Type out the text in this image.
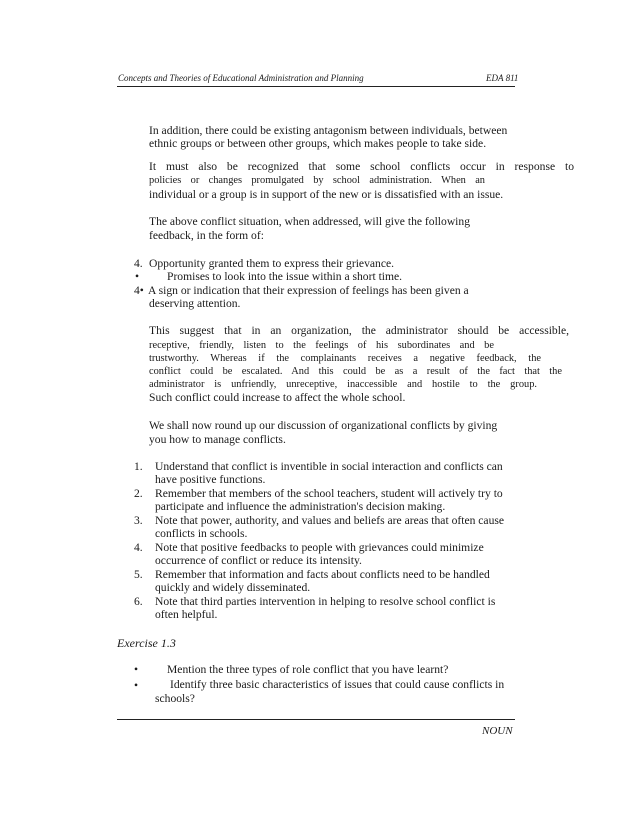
Concepts and Theories of Educational Administration and Planning	EDA 811
In addition, there could be existing antagonism between individuals, between
ethnic groups or between other groups, which makes people to take side.
It must also be recognized that some school conflicts occur in response to
policies or changes promulgated by school administration. When an
individual or a group is in support of the new or is dissatisfied with an issue.
The above conflict situation, when addressed, will give the following
feedback, in the form of:
4. Opportunity granted them to express their grievance.
• Promises to look into the issue within a short time.
4• A sign or indication that their expression of feelings has been given a
deserving attention.
This suggest that in an organization, the administrator should be accessible,
receptive, friendly, listen to the feelings of his subordinates and be
trustworthy. Whereas if the complainants receives a negative feedback, the
conflict could be escalated. And this could be as a result of the fact that the
administrator is unfriendly, unreceptive, inaccessible and hostile to the group.
Such conflict could increase to affect the whole school.
We shall now round up our discussion of organizational conflicts by giving
you how to manage conflicts.
1. Understand that conflict is inventible in social interaction and conflicts can
have positive functions.
2. Remember that members of the school teachers, student will actively try to
participate and influence the administration's decision making.
3. Note that power, authority, and values and beliefs are areas that often cause
conflicts in schools.
4. Note that positive feedbacks to people with grievances could minimize
occurrence of conflict or reduce its intensity.
5. Remember that information and facts about conflicts need to be handled
quickly and widely disseminated.
6. Note that third parties intervention in helping to resolve school conflict is
often helpful.
Exercise 1.3
• Mention the three types of role conflict that you have learnt?
•	Identify three basic characteristics of issues that could cause conflicts in
schools?
NOUN
